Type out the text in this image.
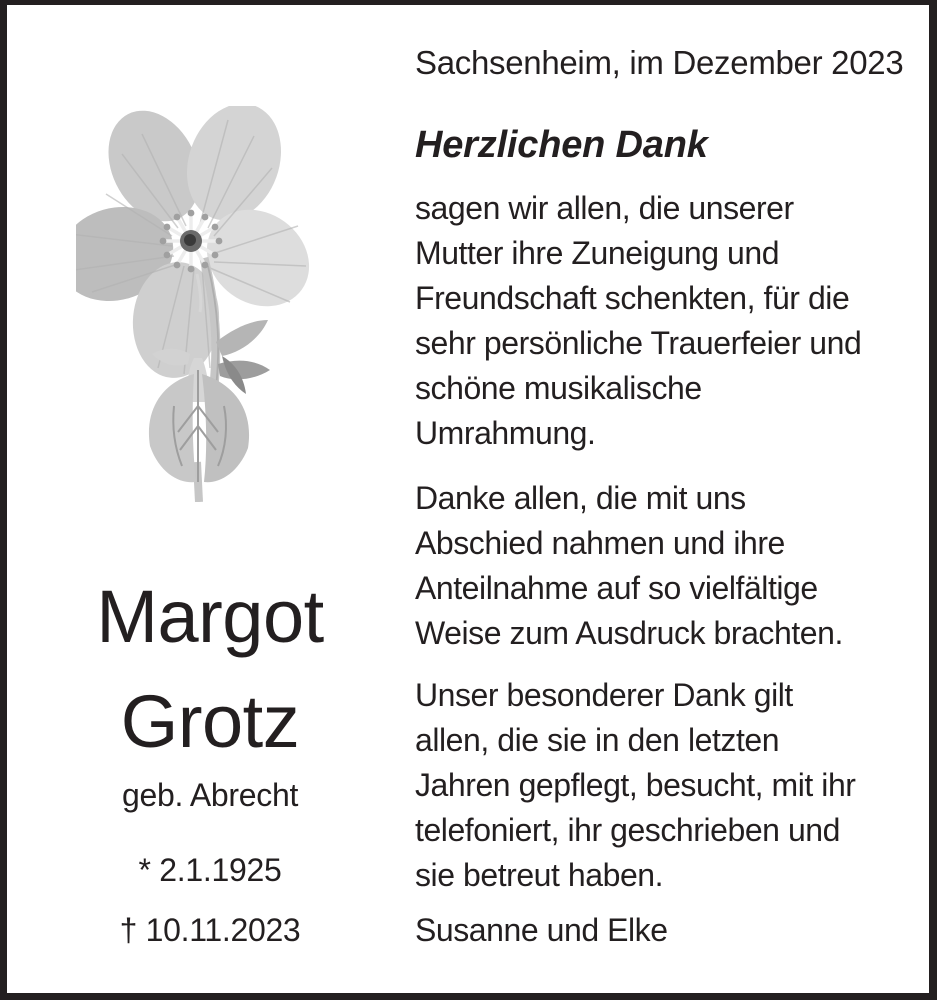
Sachsenheim, im Dezember 2023
Herzlichen Dank
sagen wir allen, die unserer
Mutter ihre Zuneigung und
Freundschaft schenkten, für die
sehr persönliche Trauerfeier und
schöne musikalische
Umrahmung.
Danke allen, die mit uns
Abschied nahmen und ihre
Anteilnahme auf so vielfältige
Weise zum Ausdruck brachten.
Unser besonderer Dank gilt
allen, die sie in den letzten
Jahren gepflegt, besucht, mit ihr
telefoniert, ihr geschrieben und
sie betreut haben.
Susanne und Elke
Margot
Grotz
geb. Abrecht
* 2.1.1925
† 10.11.2023
